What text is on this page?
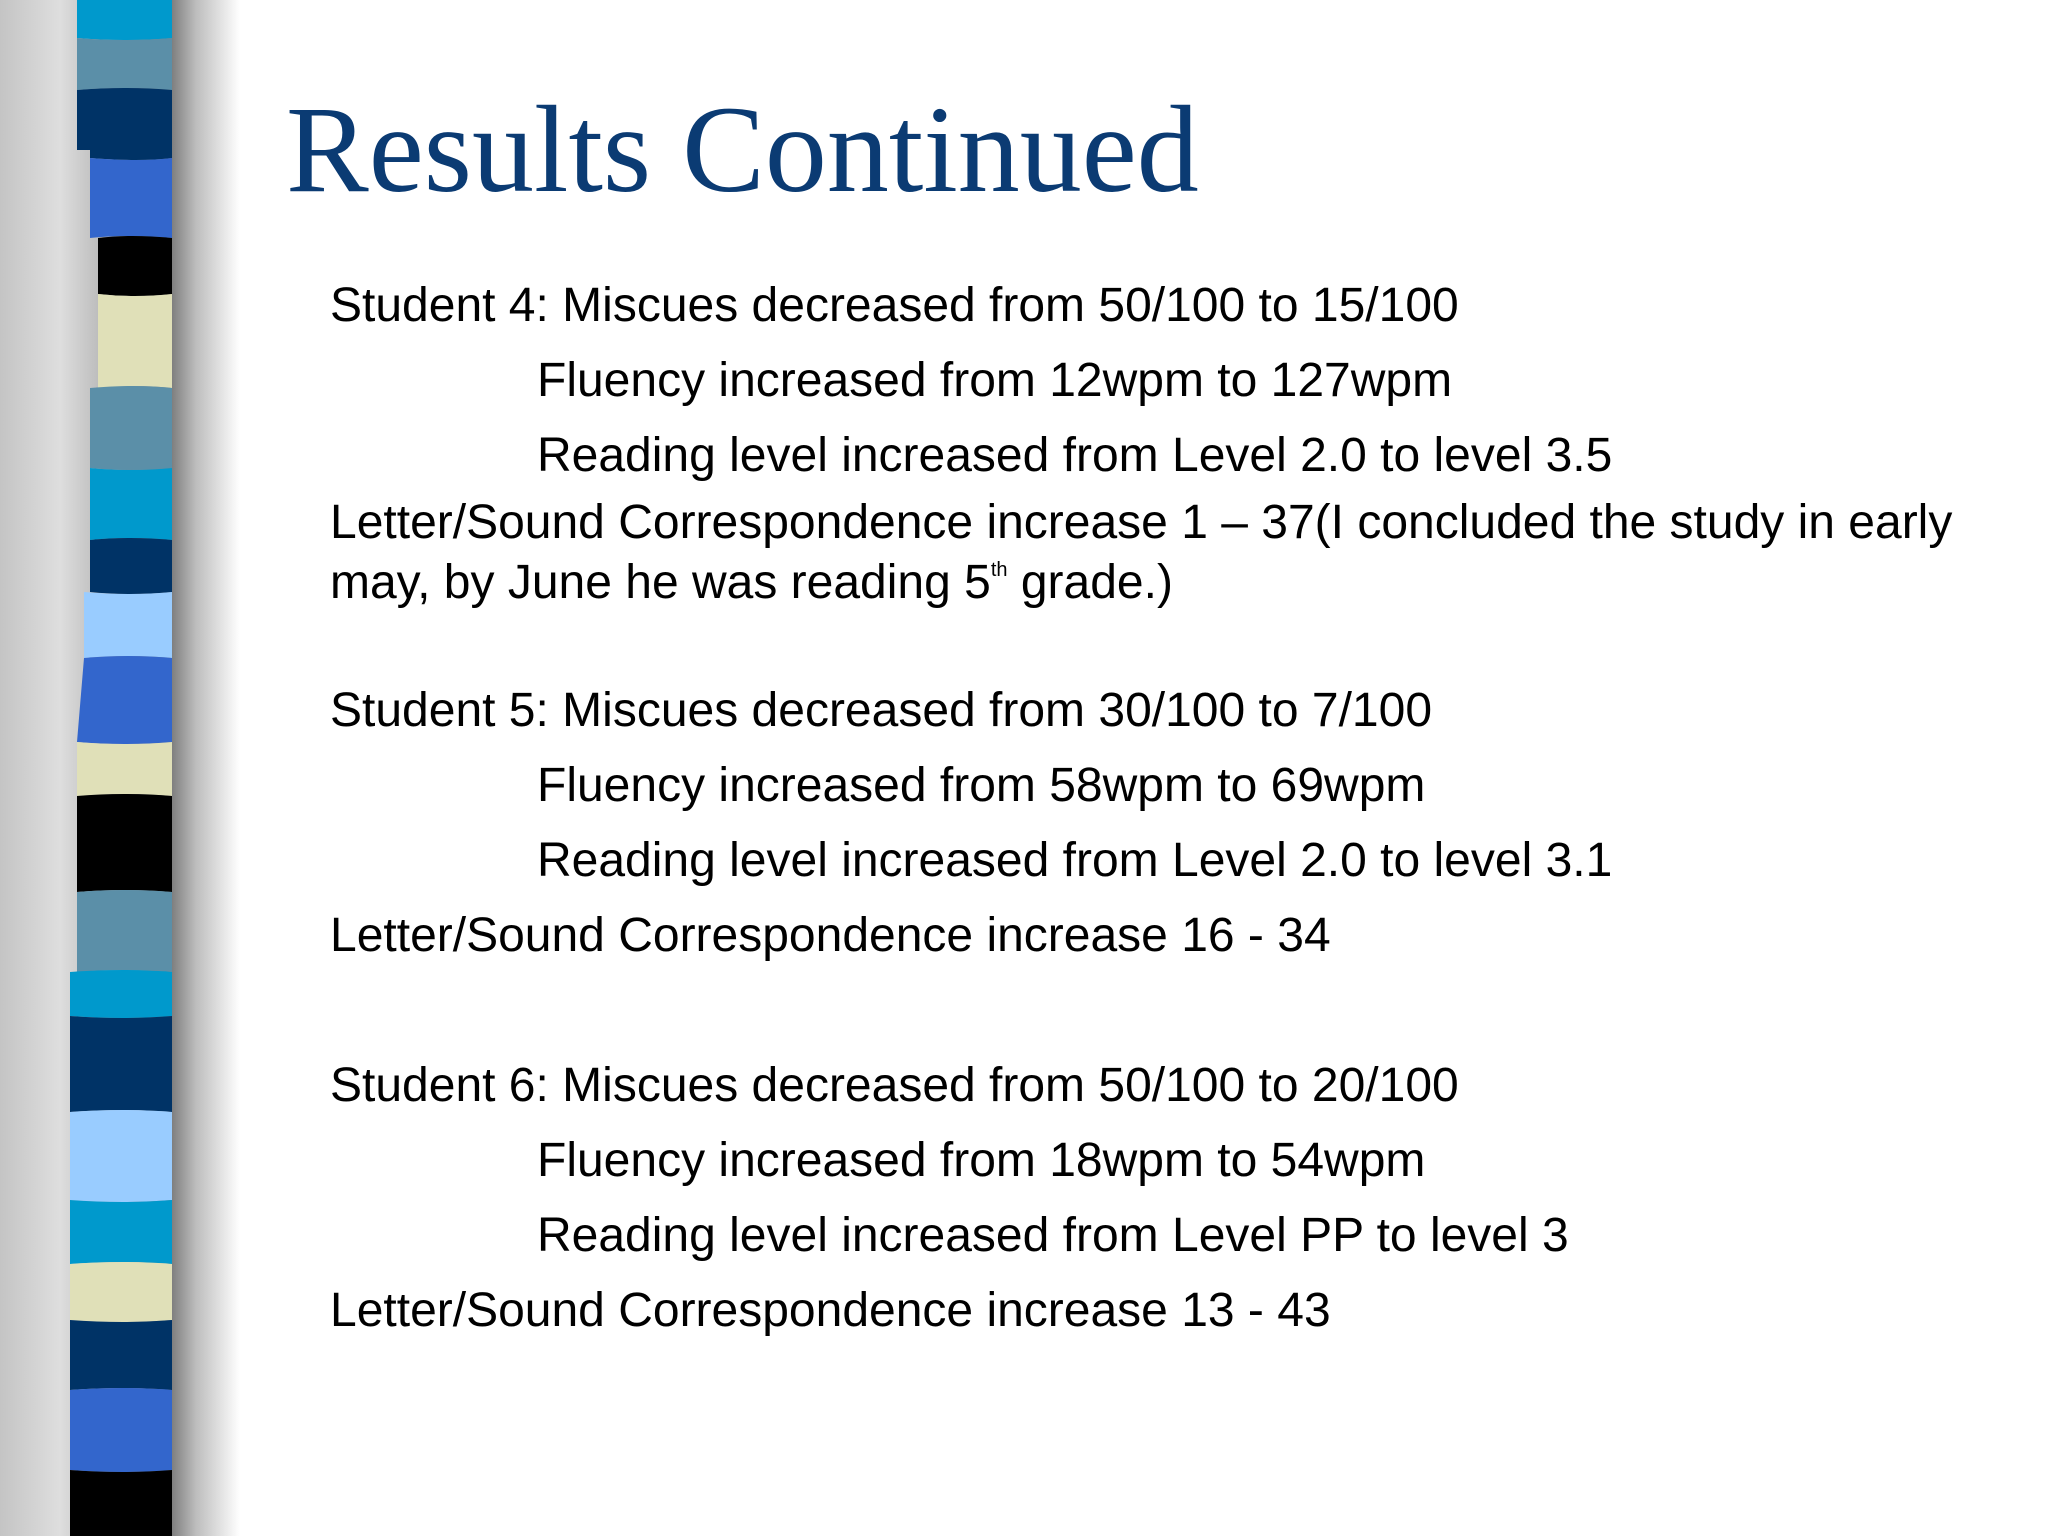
Results Continued
Student 4: Miscues decreased from 50/100 to 15/100
Fluency increased from 12wpm to 127wpm
Reading level increased from Level 2.0 to level 3.5
Letter/Sound Correspondence increase 1 – 37(I concluded the study in early may, by June he was reading 5th grade.)
Student 5: Miscues decreased from 30/100 to 7/100
Fluency increased from 58wpm to 69wpm
Reading level increased from Level 2.0 to level 3.1
Letter/Sound Correspondence increase 16 - 34
Student 6: Miscues decreased from 50/100 to 20/100
Fluency increased from 18wpm to 54wpm
Reading level increased from Level PP to level 3
Letter/Sound Correspondence increase 13 - 43
